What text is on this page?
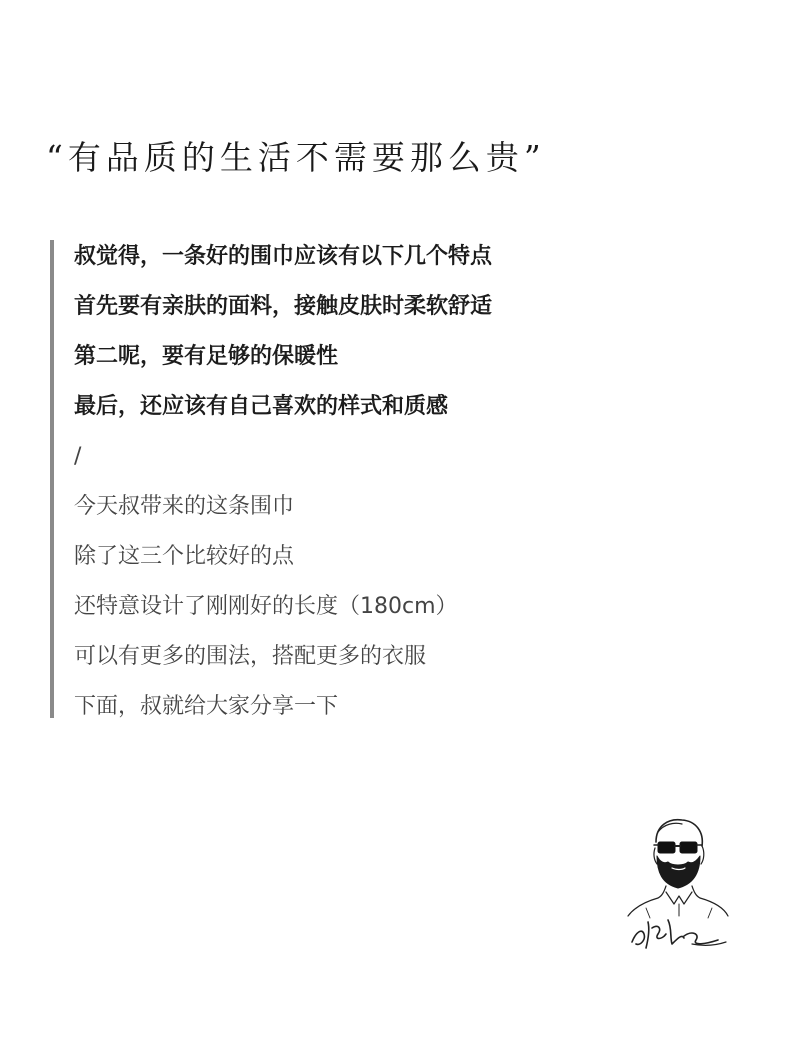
“有品质的生活不需要那么贵”
叔觉得，一条好的围巾应该有以下几个特点
首先要有亲肤的面料，接触皮肤时柔软舒适
第二呢，要有足够的保暖性
最后，还应该有自己喜欢的样式和质感
/
今天叔带来的这条围巾
除了这三个比较好的点
还特意设计了刚刚好的长度（180cm）
可以有更多的围法，搭配更多的衣服
下面，叔就给大家分享一下
